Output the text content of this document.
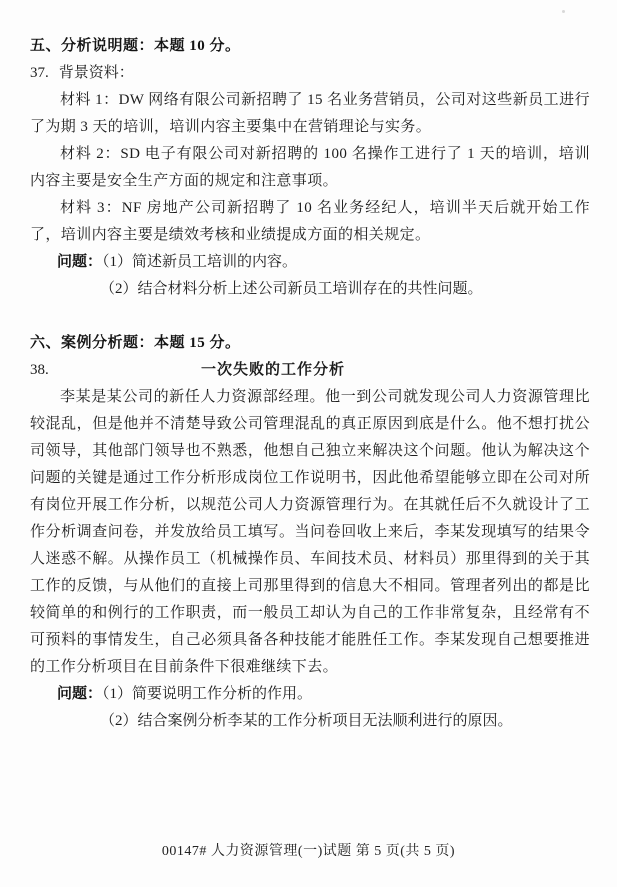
五、分析说明题：本题 10 分。
37. 背景资料：

材料 1：DW 网络有限公司新招聘了 15 名业务营销员，公司对这些新员工进行了为期 3 天的培训，培训内容主要集中在营销理论与实务。

材料 2：SD 电子有限公司对新招聘的 100 名操作工进行了 1 天的培训，培训内容主要是安全生产方面的规定和注意事项。

材料 3：NF 房地产公司新招聘了 10 名业务经纪人，培训半天后就开始工作了，培训内容主要是绩效考核和业绩提成方面的相关规定。

问题：（1）简述新员工培训的内容。
（2）结合材料分析上述公司新员工培训存在的共性问题。
六、案例分析题：本题 15 分。
38.	一次失败的工作分析

李某是某公司的新任人力资源部经理。他一到公司就发现公司人力资源管理比较混乱，但是他并不清楚导致公司管理混乱的真正原因到底是什么。他不想打扰公司领导，其他部门领导也不熟悉，他想自己独立来解决这个问题。他认为解决这个问题的关键是通过工作分析形成岗位工作说明书，因此他希望能够立即在公司对所有岗位开展工作分析，以规范公司人力资源管理行为。在其就任后不久就设计了工作分析调查问卷，并发放给员工填写。当问卷回收上来后，李某发现填写的结果令人迷惑不解。从操作员工（机械操作员、车间技术员、材料员）那里得到的关于其工作的反馈，与从他们的直接上司那里得到的信息大不相同。管理者列出的都是比较简单的和例行的工作职责，而一般员工却认为自己的工作非常复杂，且经常有不可预料的事情发生，自己必须具备各种技能才能胜任工作。李某发现自己想要推进的工作分析项目在目前条件下很难继续下去。

问题：（1）简要说明工作分析的作用。
（2）结合案例分析李某的工作分析项目无法顺利进行的原因。
00147# 人力资源管理(一)试题 第 5 页(共 5 页)
